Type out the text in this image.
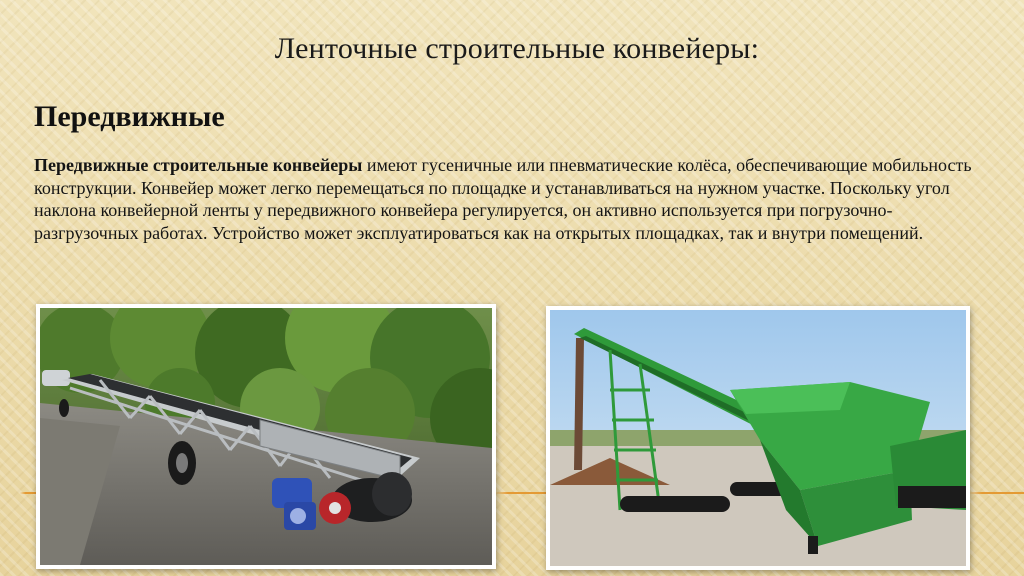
Ленточные строительные конвейеры:
Передвижные

Передвижные строительные конвейеры имеют гусеничные или пневматические колёса, обеспечивающие мобильность конструкции. Конвейер может легко перемещаться по площадке и устанавливаться на нужном участке. Поскольку угол наклона конвейерной ленты у передвижного конвейера регулируется, он активно используется при погрузочно-разгрузочных работах. Устройство может эксплуатироваться как на открытых площадках, так и внутри помещений.
